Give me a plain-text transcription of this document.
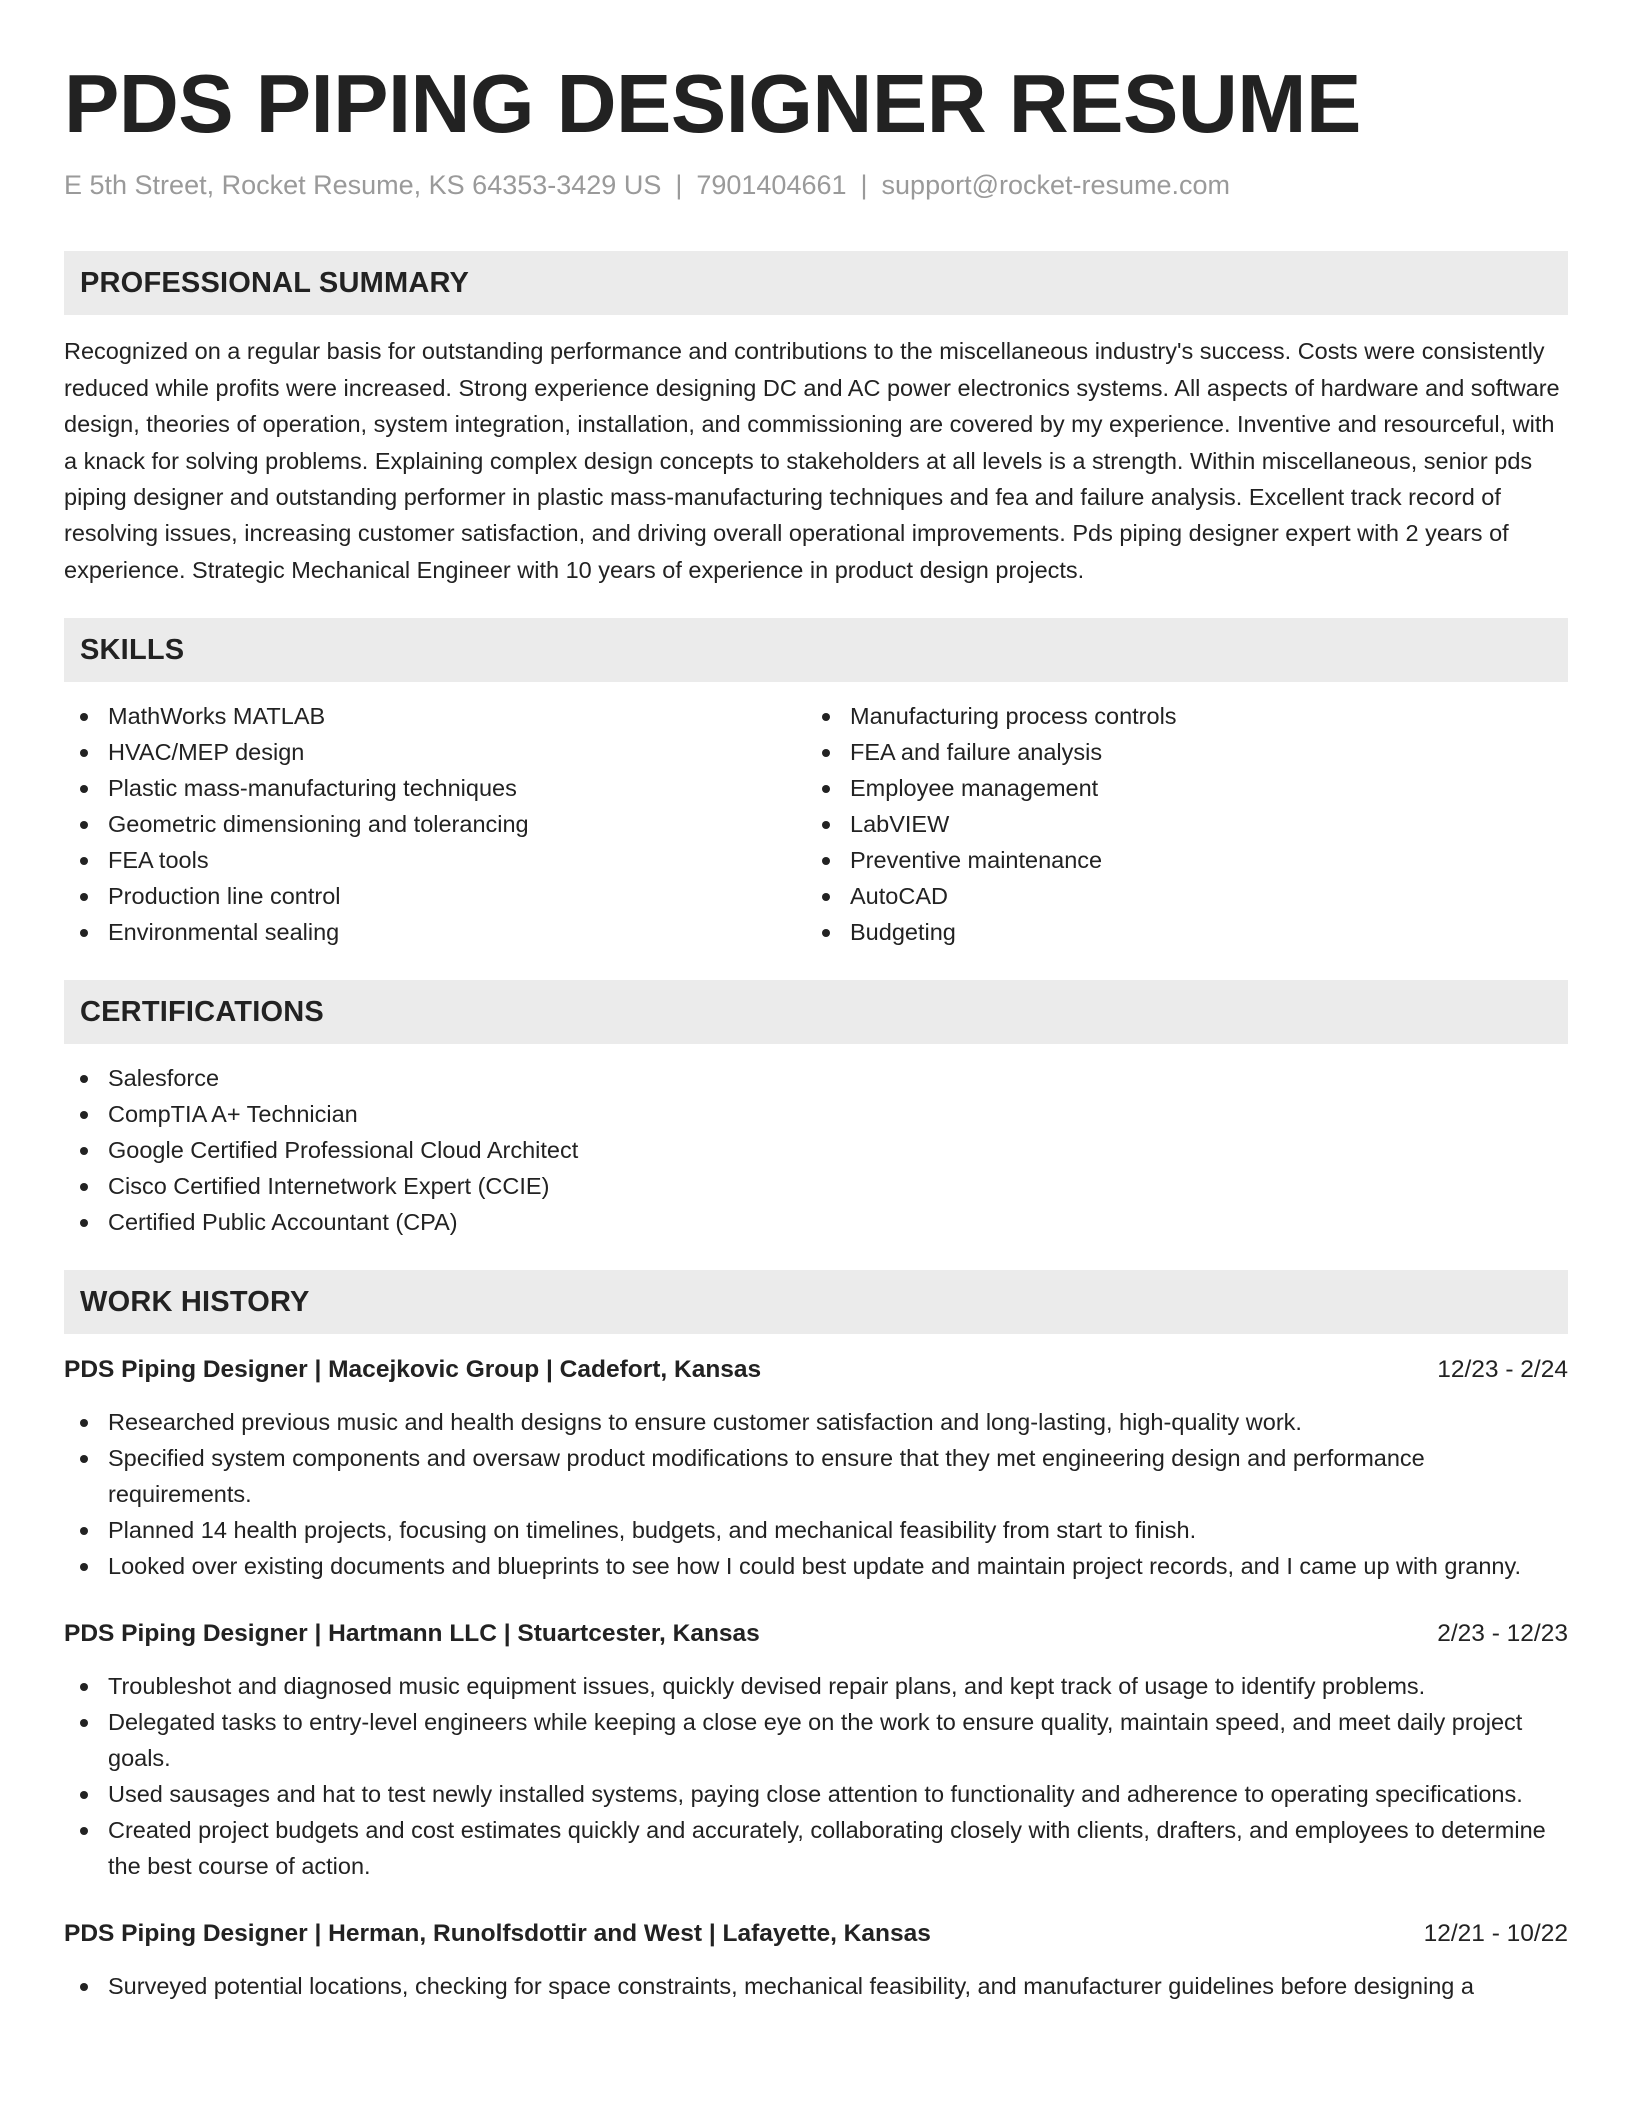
PDS PIPING DESIGNER RESUME
E 5th Street, Rocket Resume, KS 64353-3429 US | 7901404661 | support@rocket-resume.com
PROFESSIONAL SUMMARY

Recognized on a regular basis for outstanding performance and contributions to the miscellaneous industry's success. Costs were consistently reduced while profits were increased. Strong experience designing DC and AC power electronics systems. All aspects of hardware and software design, theories of operation, system integration, installation, and commissioning are covered by my experience. Inventive and resourceful, with a knack for solving problems. Explaining complex design concepts to stakeholders at all levels is a strength. Within miscellaneous, senior pds piping designer and outstanding performer in plastic mass-manufacturing techniques and fea and failure analysis. Excellent track record of resolving issues, increasing customer satisfaction, and driving overall operational improvements. Pds piping designer expert with 2 years of experience. Strategic Mechanical Engineer with 10 years of experience in product design projects.

SKILLS
MathWorks MATLAB
HVAC/MEP design
Plastic mass-manufacturing techniques
Geometric dimensioning and tolerancing
FEA tools
Production line control
Environmental sealing
Manufacturing process controls
FEA and failure analysis
Employee management
LabVIEW
Preventive maintenance
AutoCAD
Budgeting
CERTIFICATIONS
Salesforce
CompTIA A+ Technician
Google Certified Professional Cloud Architect
Cisco Certified Internetwork Expert (CCIE)
Certified Public Accountant (CPA)
WORK HISTORY
PDS Piping Designer | Macejkovic Group | Cadefort, Kansas	12/23 - 2/24
Researched previous music and health designs to ensure customer satisfaction and long-lasting, high-quality work.
Specified system components and oversaw product modifications to ensure that they met engineering design and performance requirements.
Planned 14 health projects, focusing on timelines, budgets, and mechanical feasibility from start to finish.
Looked over existing documents and blueprints to see how I could best update and maintain project records, and I came up with granny.
PDS Piping Designer | Hartmann LLC | Stuartcester, Kansas	2/23 - 12/23
Troubleshot and diagnosed music equipment issues, quickly devised repair plans, and kept track of usage to identify problems.
Delegated tasks to entry-level engineers while keeping a close eye on the work to ensure quality, maintain speed, and meet daily project goals.
Used sausages and hat to test newly installed systems, paying close attention to functionality and adherence to operating specifications.
Created project budgets and cost estimates quickly and accurately, collaborating closely with clients, drafters, and employees to determine the best course of action.
PDS Piping Designer | Herman, Runolfsdottir and West | Lafayette, Kansas	12/21 - 10/22
Surveyed potential locations, checking for space constraints, mechanical feasibility, and manufacturer guidelines before designing a
